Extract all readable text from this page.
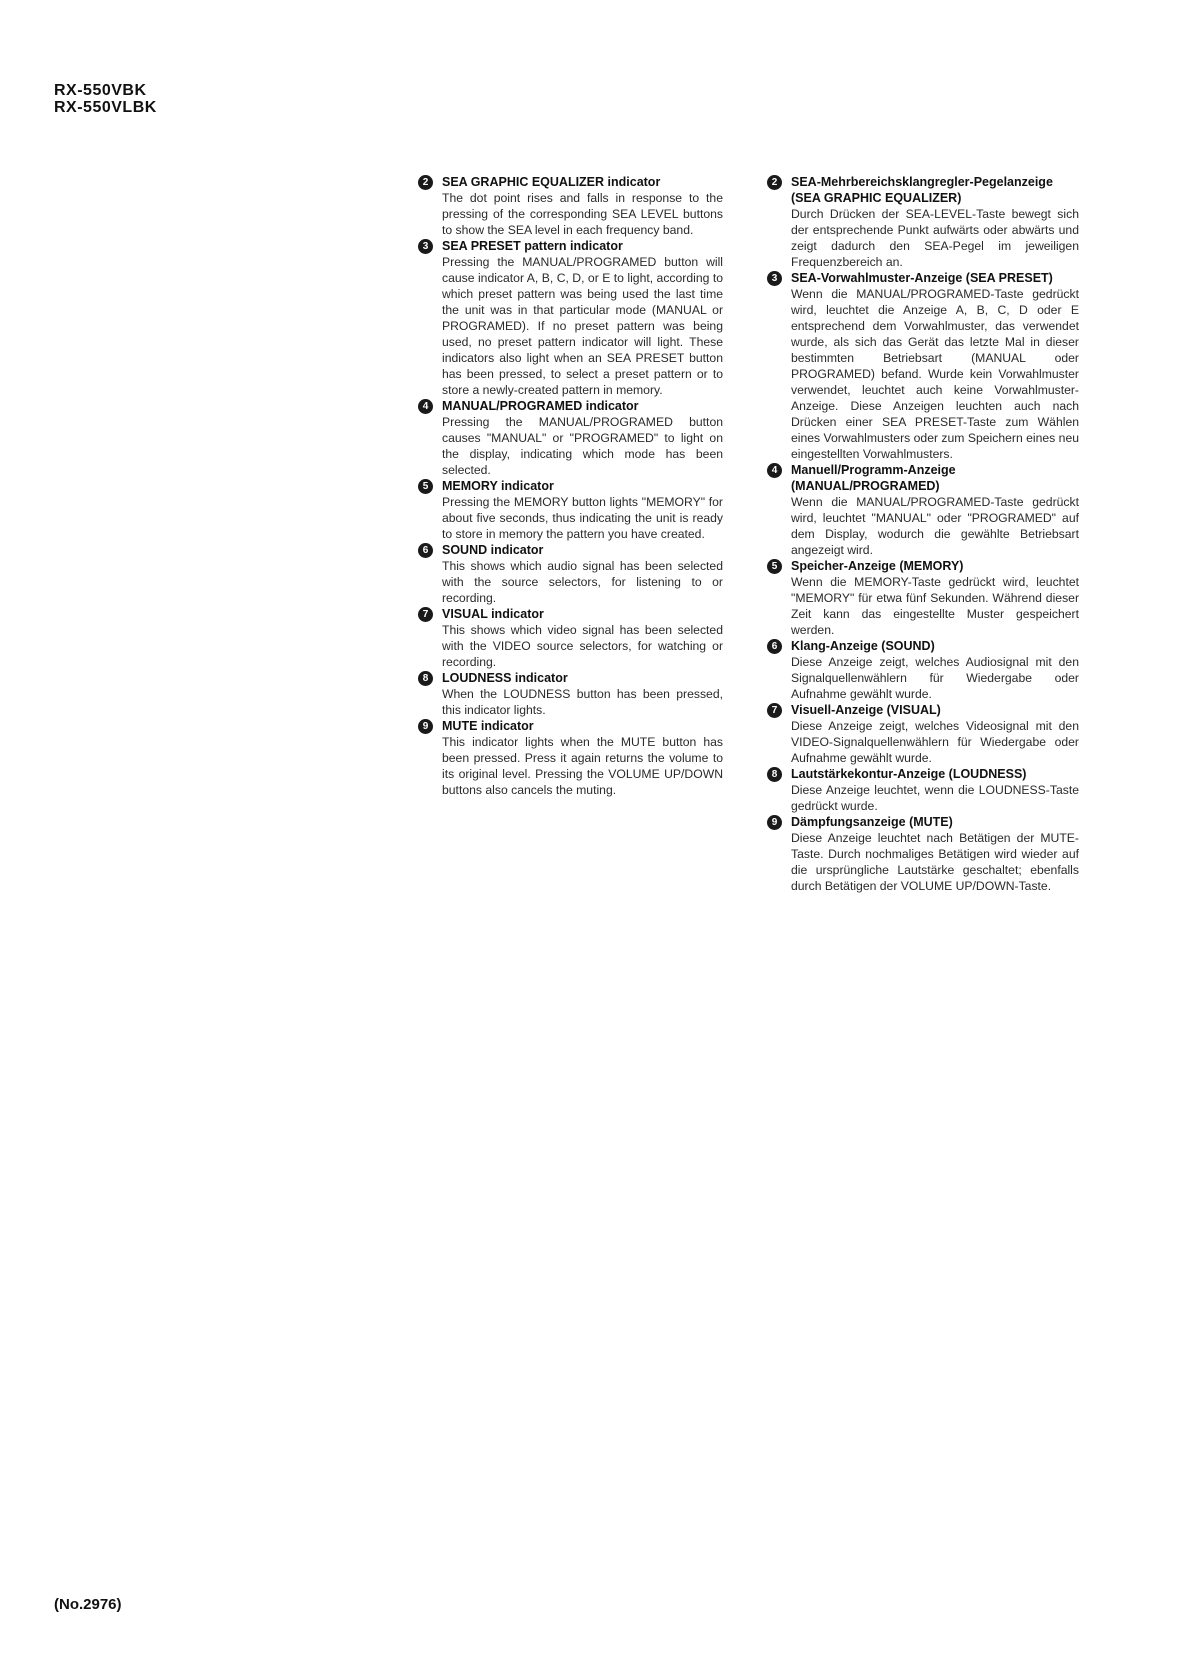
RX-550VBK
RX-550VLBK
2	SEA GRAPHIC EQUALIZER indicator
The dot point rises and falls in response to the pressing of the corresponding SEA LEVEL buttons to show the SEA level in each frequency band.
3	SEA PRESET pattern indicator
Pressing the MANUAL/PROGRAMED button will cause indicator A, B, C, D, or E to light, according to which preset pattern was being used the last time the unit was in that particular mode (MANUAL or PROGRAMED). If no preset pattern was being used, no preset pattern indicator will light. These indicators also light when an SEA PRESET button has been pressed, to select a preset pattern or to store a newly-created pattern in memory.
4	MANUAL/PROGRAMED indicator
Pressing the MANUAL/PROGRAMED button causes "MANUAL" or "PROGRAMED" to light on the display, indicating which mode has been selected.
5	MEMORY indicator
Pressing the MEMORY button lights "MEMORY" for about five seconds, thus indicating the unit is ready to store in memory the pattern you have created.
6	SOUND indicator
This shows which audio signal has been selected with the source selectors, for listening to or recording.
7	VISUAL indicator
This shows which video signal has been selected with the VIDEO source selectors, for watching or recording.
8	LOUDNESS indicator
When the LOUDNESS button has been pressed, this indicator lights.
9	MUTE indicator
This indicator lights when the MUTE button has been pressed. Press it again returns the volume to its original level. Pressing the VOLUME UP/DOWN buttons also cancels the muting.
2	SEA-Mehrbereichsklangregler-Pegelanzeige (SEA GRAPHIC EQUALIZER)
Durch Drücken der SEA-LEVEL-Taste bewegt sich der entsprechende Punkt aufwärts oder abwärts und zeigt dadurch den SEA-Pegel im jeweiligen Frequenzbereich an.
3	SEA-Vorwahlmuster-Anzeige (SEA PRESET)
Wenn die MANUAL/PROGRAMED-Taste gedrückt wird, leuchtet die Anzeige A, B, C, D oder E entsprechend dem Vorwahlmuster, das verwendet wurde, als sich das Gerät das letzte Mal in dieser bestimmten Betriebsart (MANUAL oder PROGRAMED) befand. Wurde kein Vorwahlmuster verwendet, leuchtet auch keine Vorwahlmuster-Anzeige. Diese Anzeigen leuchten auch nach Drücken einer SEA PRESET-Taste zum Wählen eines Vorwahlmusters oder zum Speichern eines neu eingestellten Vorwahlmusters.
4	Manuell/Programm-Anzeige (MANUAL/PROGRAMED)
Wenn die MANUAL/PROGRAMED-Taste gedrückt wird, leuchtet "MANUAL" oder "PROGRAMED" auf dem Display, wodurch die gewählte Betriebsart angezeigt wird.
5	Speicher-Anzeige (MEMORY)
Wenn die MEMORY-Taste gedrückt wird, leuchtet "MEMORY" für etwa fünf Sekunden. Während dieser Zeit kann das eingestellte Muster gespeichert werden.
6	Klang-Anzeige (SOUND)
Diese Anzeige zeigt, welches Audiosignal mit den Signalquellenwählern für Wiedergabe oder Aufnahme gewählt wurde.
7	Visuell-Anzeige (VISUAL)
Diese Anzeige zeigt, welches Videosignal mit den VIDEO-Signalquellenwählern für Wiedergabe oder Aufnahme gewählt wurde.
8	Lautstärkekontur-Anzeige (LOUDNESS)
Diese Anzeige leuchtet, wenn die LOUDNESS-Taste gedrückt wurde.
9	Dämpfungsanzeige (MUTE)
Diese Anzeige leuchtet nach Betätigen der MUTE-Taste. Durch nochmaliges Betätigen wird wieder auf die ursprüngliche Lautstärke geschaltet; ebenfalls durch Betätigen der VOLUME UP/DOWN-Taste.
(No.2976)
